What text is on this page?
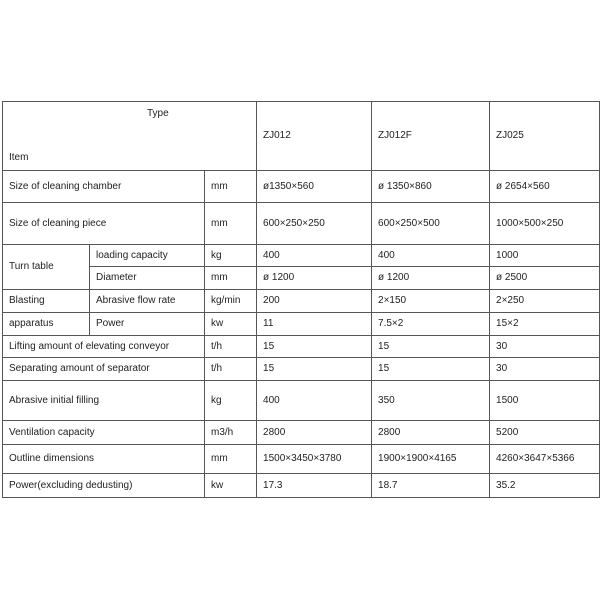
Type
Item			ZJ012	ZJ012F	ZJ025
Size of cleaning chamber		mm	ø1350×560	ø 1350×860	ø 2654×560
Size of cleaning piece		mm	600×250×250	600×250×500	1000×500×250
Turn table	loading capacity	kg	400	400	1000
	Diameter	mm	ø 1200	ø 1200	ø 2500
Blasting	Abrasive flow rate	kg/min	200	2×150	2×250
apparatus	Power	kw	11	7.5×2	15×2
Lifting amount of elevating conveyor		t/h	15	15	30
Separating amount of separator		t/h	15	15	30
Abrasive initial filling		kg	400	350	1500
Ventilation capacity		m3/h	2800	2800	5200
Outline dimensions		mm	1500×3450×3780	1900×1900×4165	4260×3647×5366
Power(excluding dedusting)		kw	17.3	18.7	35.2
